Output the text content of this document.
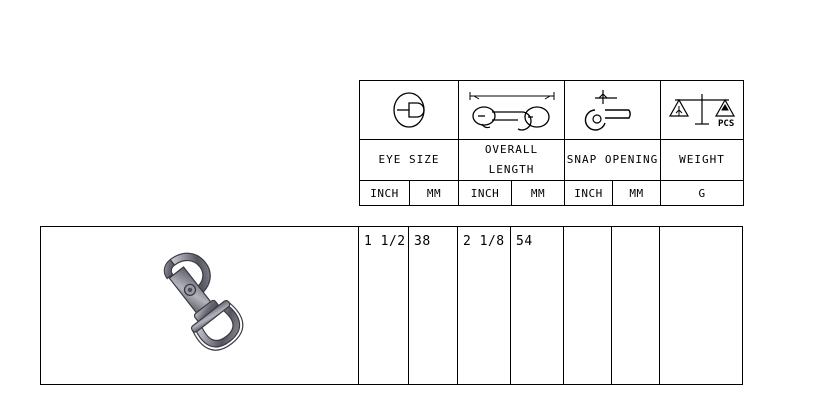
PCS

EYE SIZE		OVERALL LENGTH		SNAP OPENING		WEIGHT
INCH	MM	INCH	MM	INCH	MM	G
	1 1/2	38	2 1/8	54			
